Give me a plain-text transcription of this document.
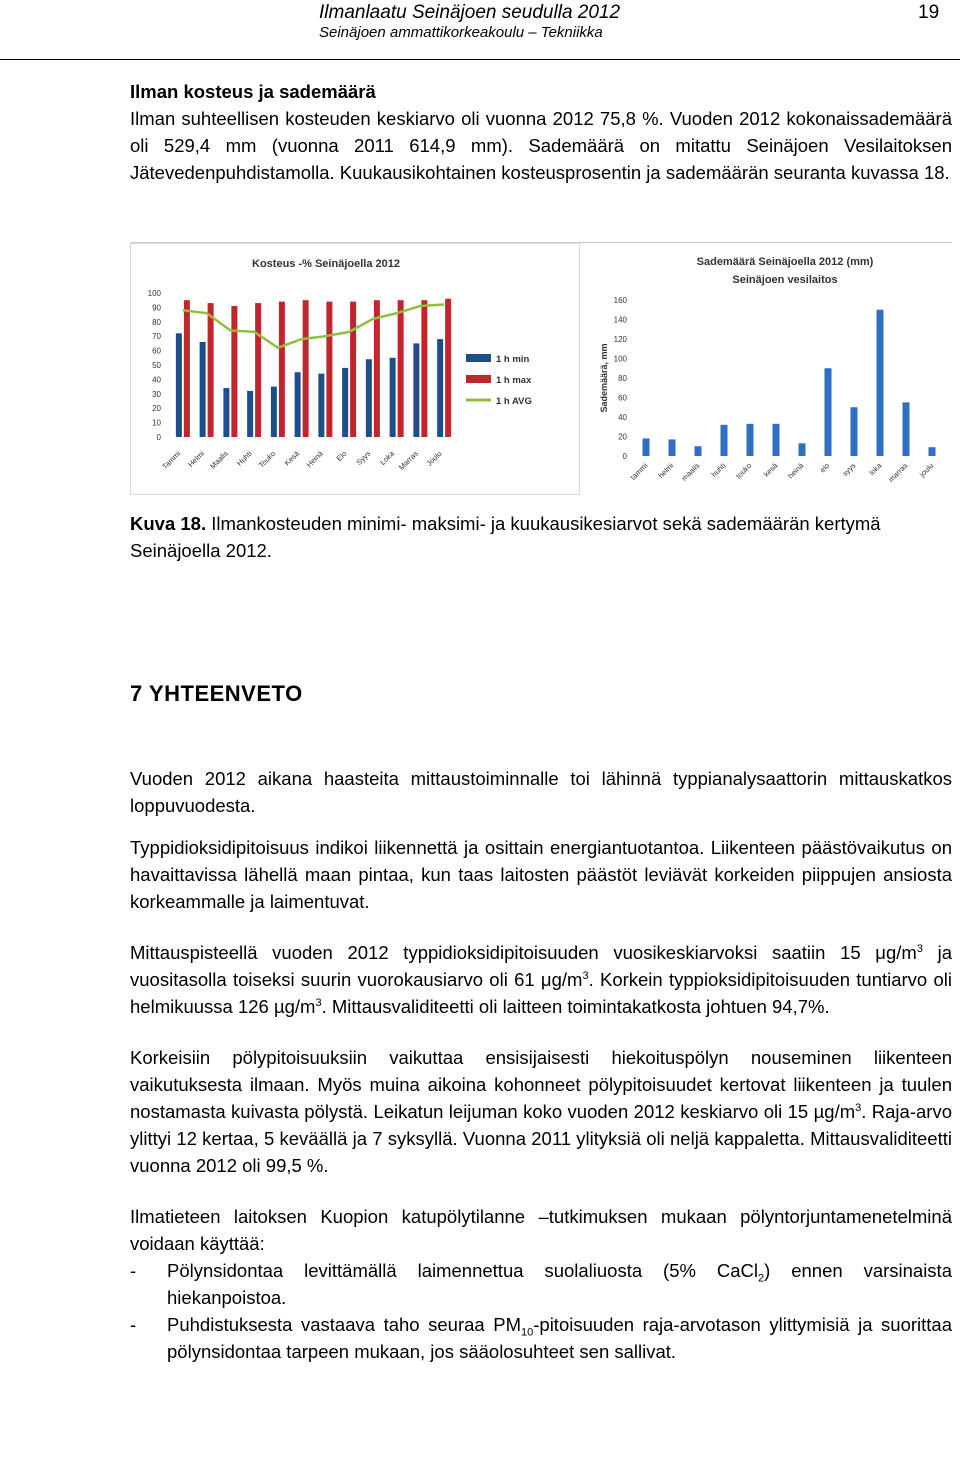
Ilmanlaatu Seinäjoen seudulla 2012
Seinäjoen ammattikorkeakoulu – Tekniikka
19

Ilman kosteus ja sademäärä

Ilman suhteellisen kosteuden keskiarvo oli vuonna 2012 75,8 %. Vuoden 2012 kokonaissademäärä oli 529,4 mm (vuonna 2011 614,9 mm). Sademäärä on mitattu Seinäjoen Vesilaitoksen Jätevedenpuhdistamolla. Kuukausikohtainen kosteusprosentin ja sademäärän seuranta kuvassa 18.

Kosteus -% Seinäjoella 2012
0
10
20
30
40
50
60
70
80
90
100
Tammi Helmi Maalis Huhti Touko Kesä Heinä Elo Syys Loka Marras Joulu
1 h min
1 h max
1 h AVG
Sademäärä Seinäjoella 2012 (mm)
Seinäjoen vesilaitos
Sademäärä, mm
0
20
40
60
80
100
120
140
160
tammi helmi maalis huhti touko kesä heinä elo syys loka marras joulu
Kuva 18. Ilmankosteuden minimi- maksimi- ja kuukausikesiarvot sekä sademäärän kertymä Seinäjoella 2012.
7 YHTEENVETO

Vuoden 2012 aikana haasteita mittaustoiminnalle toi lähinnä typpianalysaattorin mittauskatkos loppuvuodesta.

Typpidioksidipitoisuus indikoi liikennettä ja osittain energiantuotantoa. Liikenteen päästövaikutus on havaittavissa lähellä maan pintaa, kun taas laitosten päästöt leviävät korkeiden piippujen ansiosta korkeammalle ja laimentuvat.

Mittauspisteellä vuoden 2012 typpidioksidipitoisuuden vuosikeskiarvoksi saatiin 15 $\mu g/m^3$ ja vuositasolla toiseksi suurin vuorokausiarvo oli 61 $\mu g/m^3$. Korkein typpioksidipitoisuuden tuntiarvo oli helmikuussa 126 $\mu g/m^3$. Mittausvaliditeetti oli laitteen toimintakatkosta johtuen 94,7%.

Korkeisiin pölypitoisuuksiin vaikuttaa ensisijaisesti hiekoituspölyn nouseminen liikenteen vaikutuksesta ilmaan. Myös muina aikoina kohonneet pölypitoisuudet kertovat liikenteen ja tuulen nostamasta kuivasta pölystä. Leikatun leijuman koko vuoden 2012 keskiarvo oli 15 $\mu g/m^3$. Raja-arvo ylittyi 12 kertaa, 5 keväällä ja 7 syksyllä. Vuonna 2011 ylityksiä oli neljä kappaletta. Mittausvaliditeetti vuonna 2012 oli 99,5 %.

Ilmatieteen laitoksen Kuopion katupölytilanne –tutkimuksen mukaan pölyntorjuntamenetelminä voidaan käyttää:

- Pölynsidontaa levittämällä laimennettua suolaliuosta (5% CaCl$_2$) ennen varsinaista hiekanpoistoa.
- Puhdistuksesta vastaava taho seuraa $PM_{10}$-pitoisuuden raja-arvotason ylittymisiä ja suorittaa pölynsidontaa tarpeen mukaan, jos sääolosuhteet sen sallivat.
